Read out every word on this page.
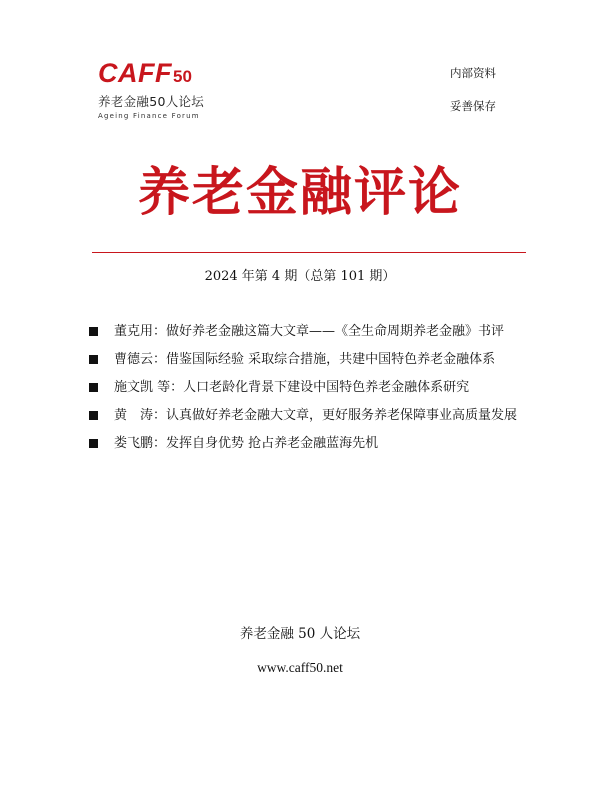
CAFF50
养老金融50人论坛
Ageing Finance Forum
内部资料
妥善保存
养老金融评论
2024 年第 4 期（总第 101 期）
董克用：做好养老金融这篇大文章——《全生命周期养老金融》书评
曹德云：借鉴国际经验 采取综合措施，共建中国特色养老金融体系
施文凯 等：人口老龄化背景下建设中国特色养老金融体系研究
黄　涛：认真做好养老金融大文章，更好服务养老保障事业高质量发展
娄飞鹏：发挥自身优势 抢占养老金融蓝海先机
养老金融 50 人论坛
www.caff50.net
